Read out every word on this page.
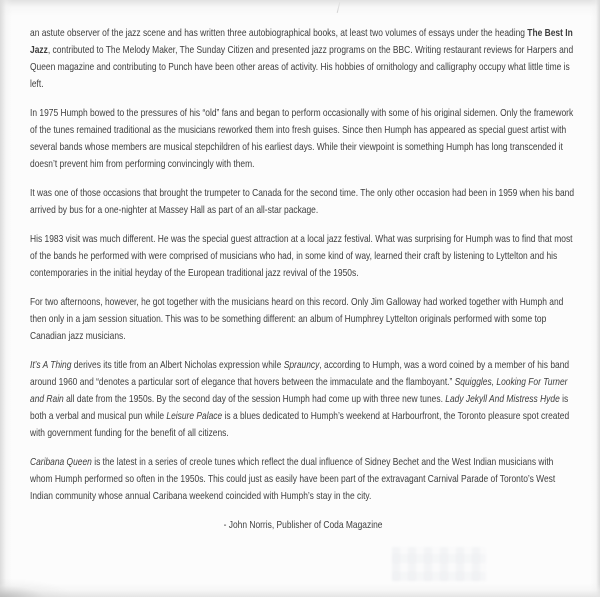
an astute observer of the jazz scene and has written three autobiographical books, at least two volumes of essays under the heading The Best In Jazz, contributed to The Melody Maker, The Sunday Citizen and presented jazz programs on the BBC. Writing restaurant reviews for Harpers and Queen magazine and contributing to Punch have been other areas of activity. His hobbies of ornithology and calligraphy occupy what little time is left.

In 1975 Humph bowed to the pressures of his “old” fans and began to perform occasionally with some of his original sidemen. Only the framework of the tunes remained traditional as the musicians reworked them into fresh guises. Since then Humph has appeared as special guest artist with several bands whose members are musical stepchildren of his earliest days. While their viewpoint is something Humph has long transcended it doesn’t prevent him from performing convincingly with them.

It was one of those occasions that brought the trumpeter to Canada for the second time. The only other occasion had been in 1959 when his band arrived by bus for a one-nighter at Massey Hall as part of an all-star package.

His 1983 visit was much different. He was the special guest attraction at a local jazz festival. What was surprising for Humph was to find that most of the bands he performed with were comprised of musicians who had, in some kind of way, learned their craft by listening to Lyttelton and his contemporaries in the initial heyday of the European traditional jazz revival of the 1950s.

For two afternoons, however, he got together with the musicians heard on this record. Only Jim Galloway had worked together with Humph and then only in a jam session situation. This was to be something different: an album of Humphrey Lyttelton originals performed with some top Canadian jazz musicians.

It’s A Thing derives its title from an Albert Nicholas expression while Sprauncy, according to Humph, was a word coined by a member of his band around 1960 and “denotes a particular sort of elegance that hovers between the immaculate and the flamboyant.” Squiggles, Looking For Turner and Rain all date from the 1950s. By the second day of the session Humph had come up with three new tunes. Lady Jekyll And Mistress Hyde is both a verbal and musical pun while Leisure Palace is a blues dedicated to Humph’s weekend at Harbourfront, the Toronto pleasure spot created with government funding for the benefit of all citizens.

Caribana Queen is the latest in a series of creole tunes which reflect the dual influence of Sidney Bechet and the West Indian musicians with whom Humph performed so often in the 1950s. This could just as easily have been part of the extravagant Carnival Parade of Toronto’s West Indian community whose annual Caribana weekend coincided with Humph’s stay in the city.

- John Norris, Publisher of Coda Magazine
